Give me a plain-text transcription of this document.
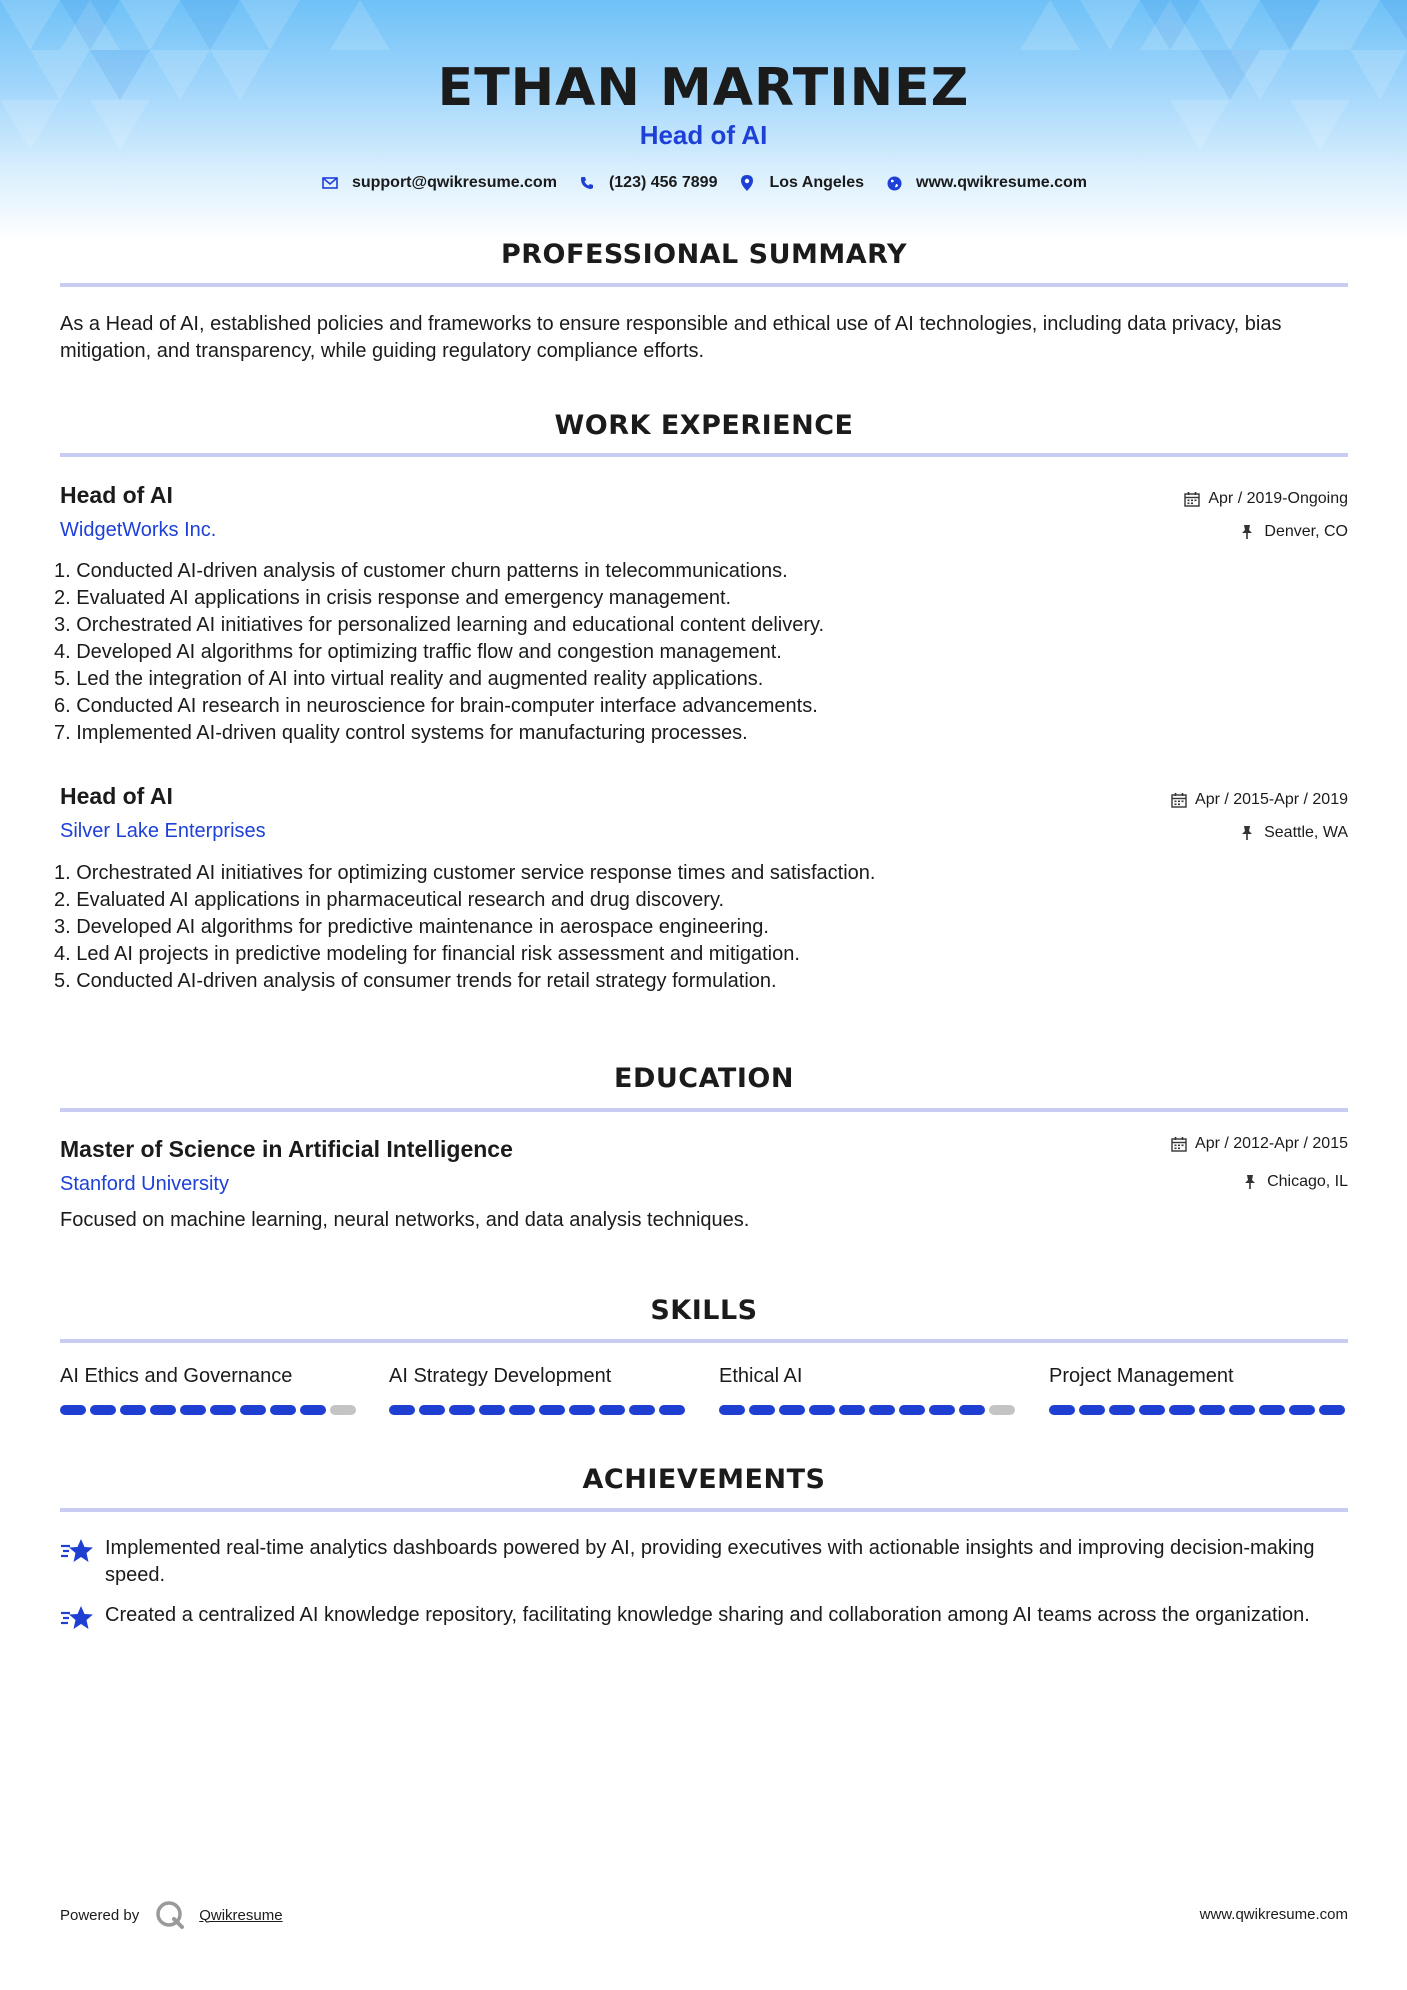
ETHAN MARTINEZ
Head of AI
support@qwikresume.com	(123) 456 7899	Los Angeles	www.qwikresume.com
PROFESSIONAL SUMMARY
As a Head of AI, established policies and frameworks to ensure responsible and ethical use of AI technologies, including data privacy, bias mitigation, and transparency, while guiding regulatory compliance efforts.
WORK EXPERIENCE
Head of AI
WidgetWorks Inc.
Apr / 2019-Ongoing
Denver, CO
1. Conducted AI-driven analysis of customer churn patterns in telecommunications.
2. Evaluated AI applications in crisis response and emergency management.
3. Orchestrated AI initiatives for personalized learning and educational content delivery.
4. Developed AI algorithms for optimizing traffic flow and congestion management.
5. Led the integration of AI into virtual reality and augmented reality applications.
6. Conducted AI research in neuroscience for brain-computer interface advancements.
7. Implemented AI-driven quality control systems for manufacturing processes.
Head of AI
Silver Lake Enterprises
Apr / 2015-Apr / 2019
Seattle, WA
1. Orchestrated AI initiatives for optimizing customer service response times and satisfaction.
2. Evaluated AI applications in pharmaceutical research and drug discovery.
3. Developed AI algorithms for predictive maintenance in aerospace engineering.
4. Led AI projects in predictive modeling for financial risk assessment and mitigation.
5. Conducted AI-driven analysis of consumer trends for retail strategy formulation.
EDUCATION
Master of Science in Artificial Intelligence
Stanford University
Apr / 2012-Apr / 2015
Chicago, IL
Focused on machine learning, neural networks, and data analysis techniques.
SKILLS
AI Ethics and Governance	AI Strategy Development	Ethical AI	Project Management
ACHIEVEMENTS
Implemented real-time analytics dashboards powered by AI, providing executives with actionable insights and improving decision-making speed.
Created a centralized AI knowledge repository, facilitating knowledge sharing and collaboration among AI teams across the organization.
Powered by	Qwikresume	www.qwikresume.com
